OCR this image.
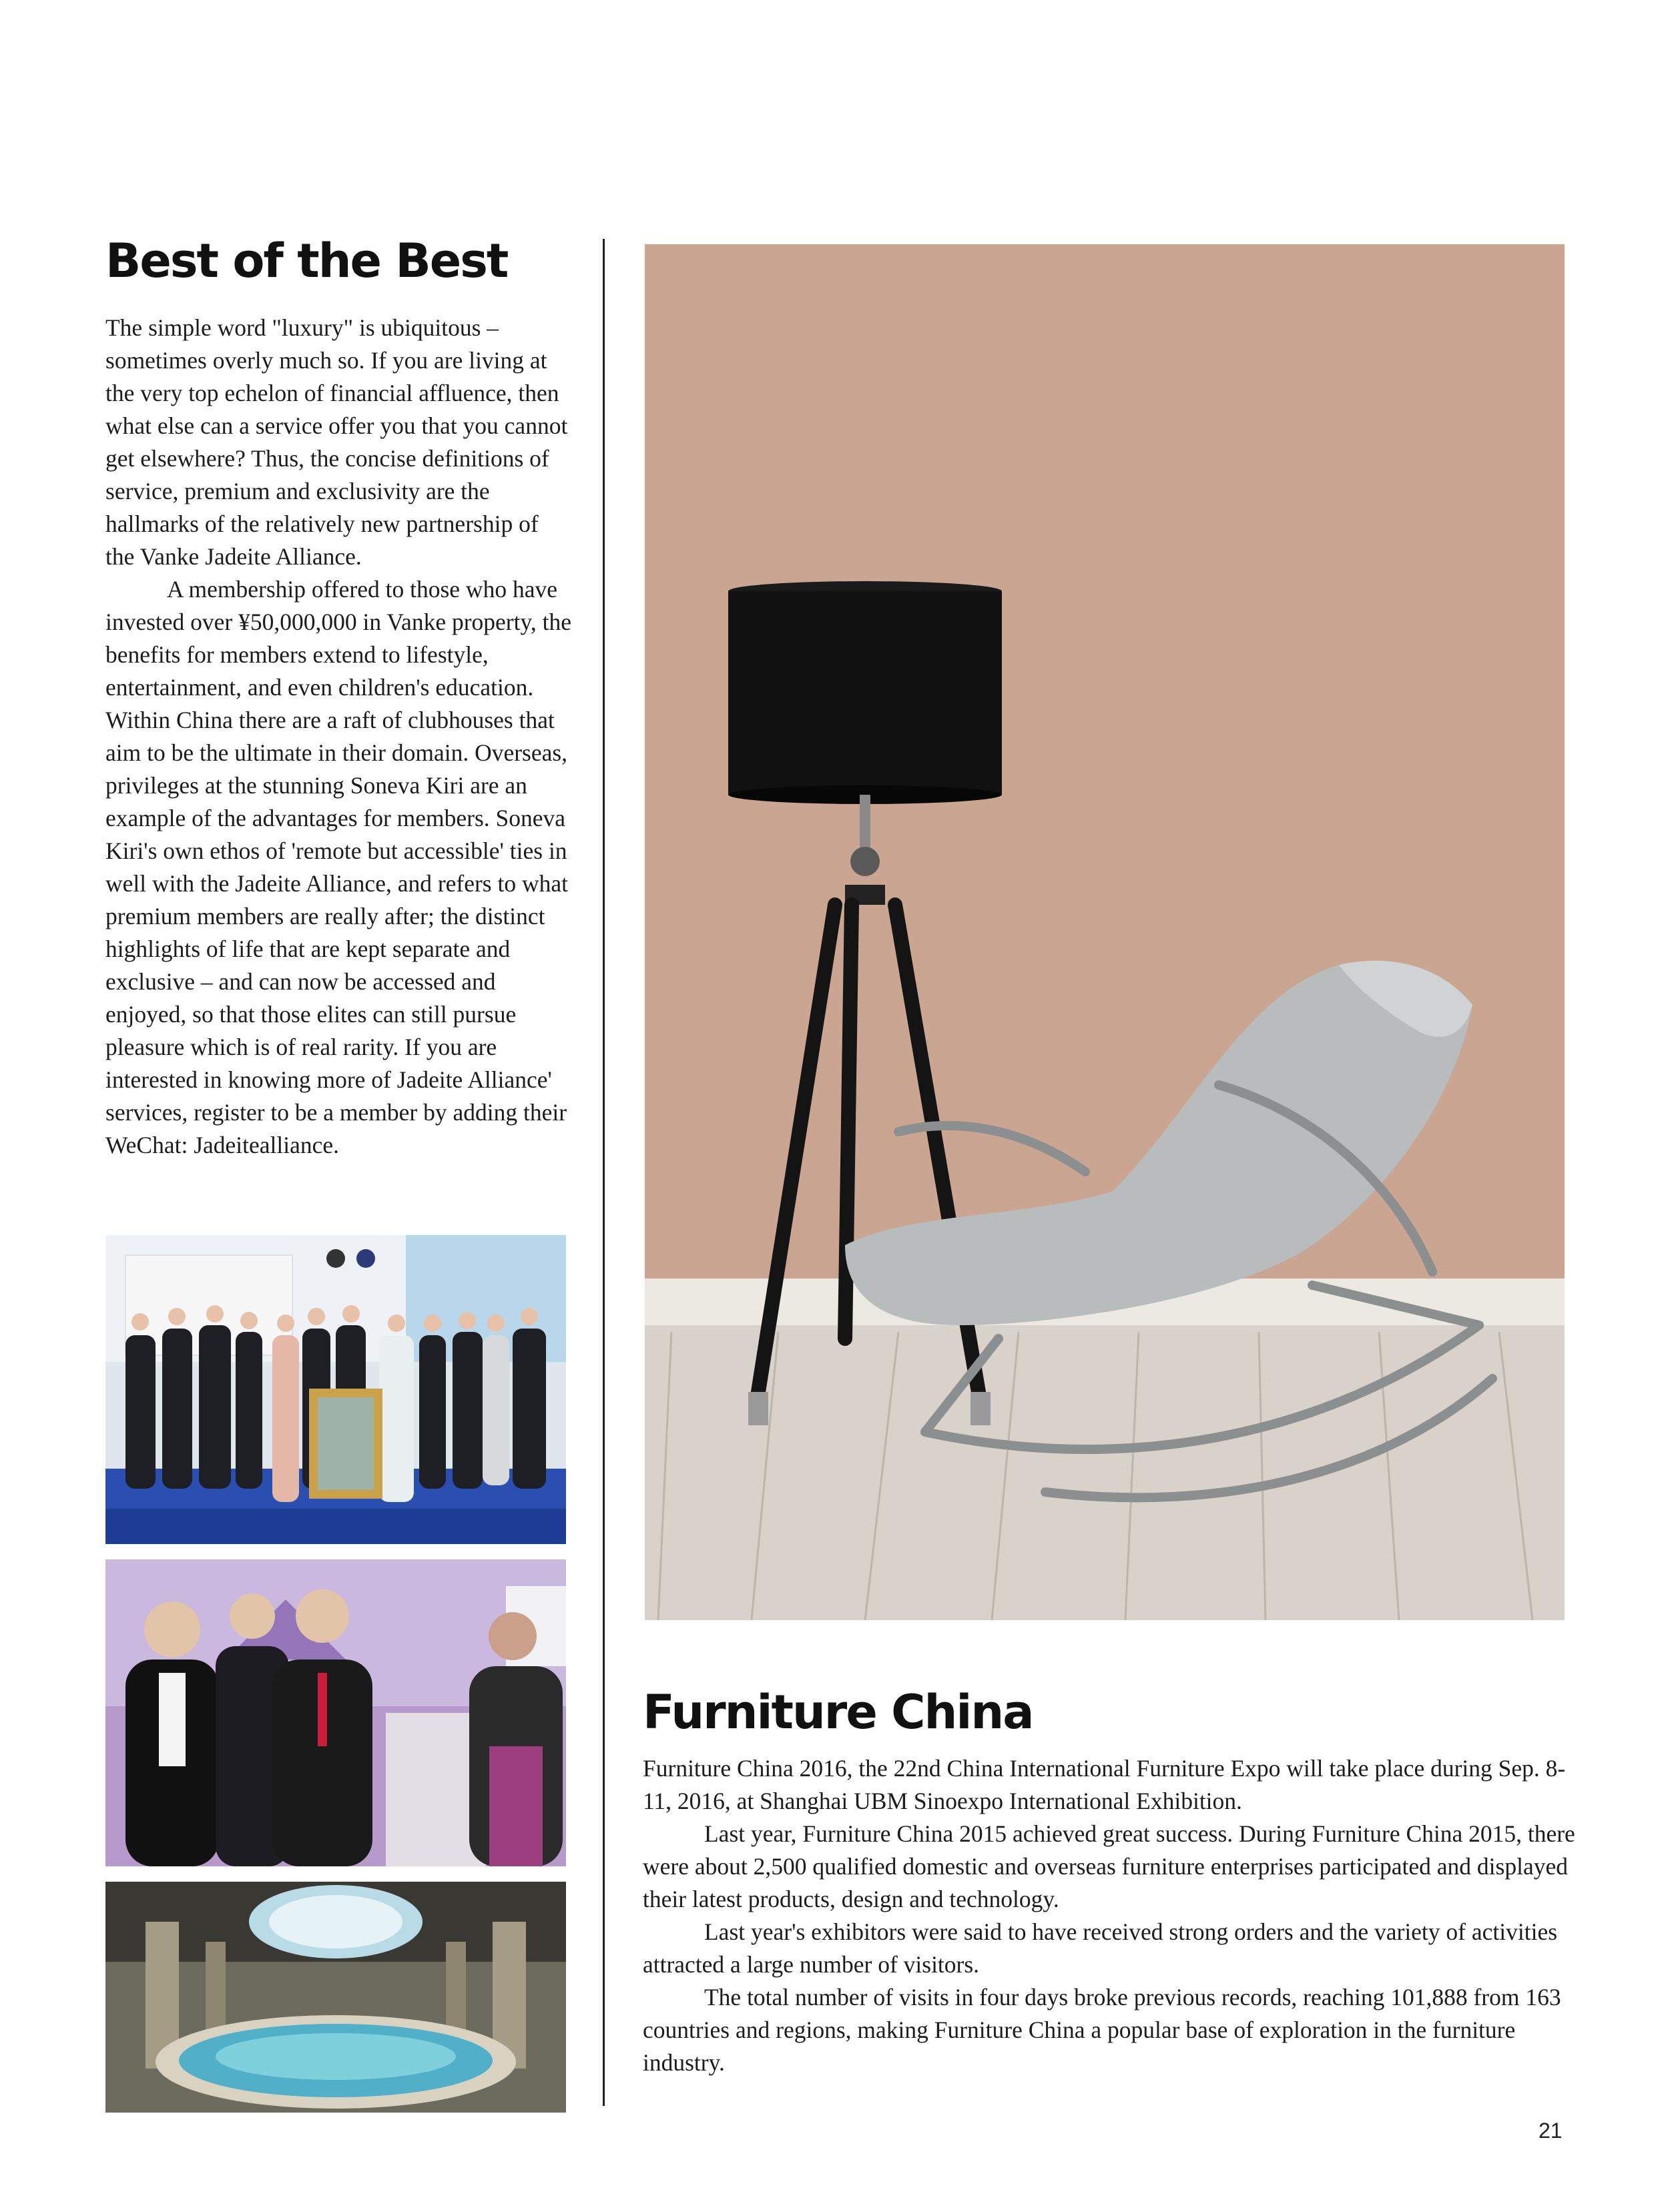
Best of the Best

The simple word "luxury" is ubiquitous – sometimes overly much so. If you are living at the very top echelon of financial affluence, then what else can a service offer you that you cannot get elsewhere? Thus, the concise definitions of service, premium and exclusivity are the hallmarks of the relatively new partnership of the Vanke Jadeite Alliance.

A membership offered to those who have invested over ¥50,000,000 in Vanke property, the benefits for members extend to lifestyle, entertainment, and even children's education. Within China there are a raft of clubhouses that aim to be the ultimate in their domain. Overseas, privileges at the stunning Soneva Kiri are an example of the advantages for members. Soneva Kiri's own ethos of 'remote but accessible' ties in well with the Jadeite Alliance, and refers to what premium members are really after; the distinct highlights of life that are kept separate and exclusive – and can now be accessed and enjoyed, so that those elites can still pursue pleasure which is of real rarity. If you are interested in knowing more of Jadeite Alliance' services, register to be a member by adding their WeChat: Jadeitealliance.

Furniture China

Furniture China 2016, the 22nd China International Furniture Expo will take place during Sep. 8-11, 2016, at Shanghai UBM Sinoexpo International Exhibition.

Last year, Furniture China 2015 achieved great success. During Furniture China 2015, there were about 2,500 qualified domestic and overseas furniture enterprises participated and displayed their latest products, design and technology.

Last year's exhibitors were said to have received strong orders and the variety of activities attracted a large number of visitors.

The total number of visits in four days broke previous records, reaching 101,888 from 163 countries and regions, making Furniture China a popular base of exploration in the furniture industry.

21
